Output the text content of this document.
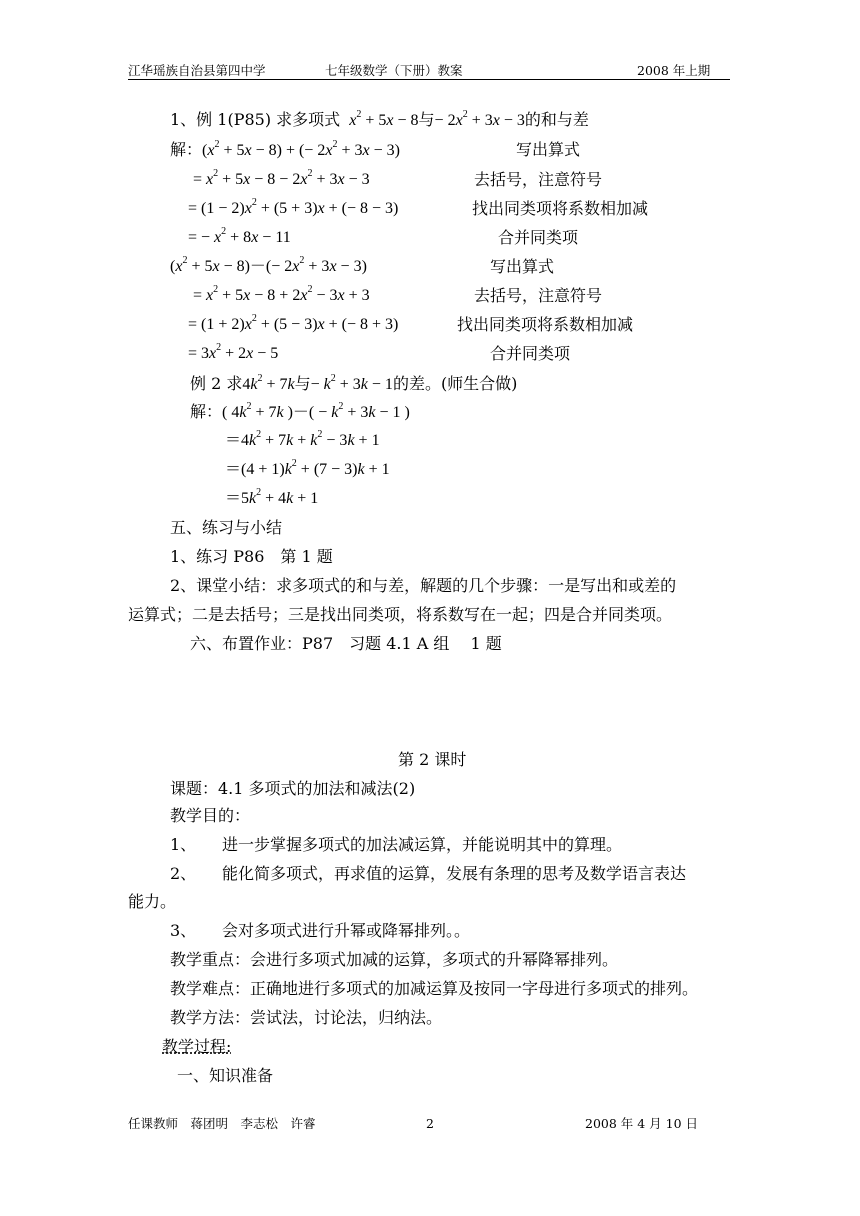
江华瑶族自治县第四中学	七年级数学（下册）教案	2008 年上期
1、例 1(P85) 求多项式  $x^2 + 5x - 8$与− $2x^2 + 3x - 3$的和与差
解：$(x^2 + 5x - 8)$ + (− $2x^2 + 3x - 3$)	写出算式
= $x^2 + 5x - 8 - 2x^2 + 3x - 3$	去括号，注意符号
= $(1 - 2)x^2 + (5 + 3)x$ + (− 8 − 3)	找出同类项将系数相加减
= − $x^2 + 8x - 11$	合并同类项
$(x^2 + 5x - 8)-(- 2x^2 + 3x - 3)$	写出算式
= $x^2 + 5x - 8 + 2x^2 - 3x + 3$	去括号，注意符号
= $(1 + 2)x^2 + (5 - 3)x$ + (− 8 + 3)	找出同类项将系数相加减
= $3x^2 + 2x - 5$	合并同类项
例 2 求$4k^2 + 7k$与− $k^2 + 3k - 1$的差。(师生合做)
解：( $4k^2 + 7k$ )－( − $k^2 + 3k - 1$ )
$=4k^2 + 7k + k^2 - 3k + 1$
$=(4 + 1)k^2 + (7 - 3)k + 1$
$=5k^2 + 4k + 1$
五、练习与小结
1、练习 P86　第 1 题
2、课堂小结：求多项式的和与差，解题的几个步骤：一是写出和或差的
运算式；二是去括号；三是找出同类项，将系数写在一起；四是合并同类项。
六、布置作业：P87　习题 4.1 A 组　 1 题
第 2 课时
课题：4.1 多项式的加法和减法(2)
教学目的：
1、 进一步掌握多项式的加法减运算，并能说明其中的算理。
2、 能化简多项式，再求值的运算，发展有条理的思考及数学语言表达
能力。
3、 会对多项式进行升幂或降幂排列。。
教学重点：会进行多项式加减的运算，多项式的升幂降幂排列。
教学难点：正确地进行多项式的加减运算及按同一字母进行多项式的排列。
教学方法：尝试法，讨论法，归纳法。
教学过程:
一、知识准备
任课教师　蒋团明　李志松　许睿	2	2008 年 4 月 10 日
